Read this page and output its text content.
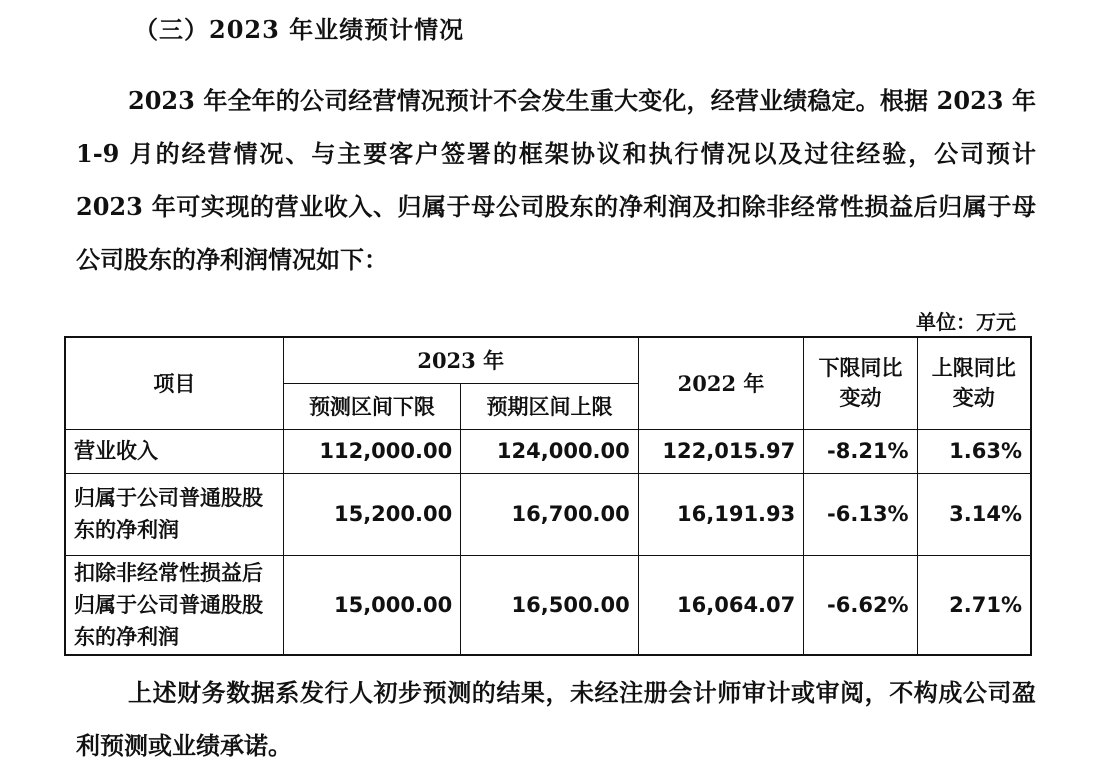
（三）2023 年业绩预计情况
2023 年全年的公司经营情况预计不会发生重大变化，经营业绩稳定。根据 2023 年 1-9 月的经营情况、与主要客户签署的框架协议和执行情况以及过往经验，公司预计 2023 年可实现的营业收入、归属于母公司股东的净利润及扣除非经常性损益后归属于母公司股东的净利润情况如下：
单位：万元
项目	2023 年		2022 年	下限同比变动	上限同比变动
	预测区间下限	预期区间上限			
营业收入	112,000.00	124,000.00	122,015.97	-8.21%	1.63%
归属于公司普通股股东的净利润	15,200.00	16,700.00	16,191.93	-6.13%	3.14%
扣除非经常性损益后归属于公司普通股股东的净利润	15,000.00	16,500.00	16,064.07	-6.62%	2.71%
上述财务数据系发行人初步预测的结果，未经注册会计师审计或审阅，不构成公司盈利预测或业绩承诺。
